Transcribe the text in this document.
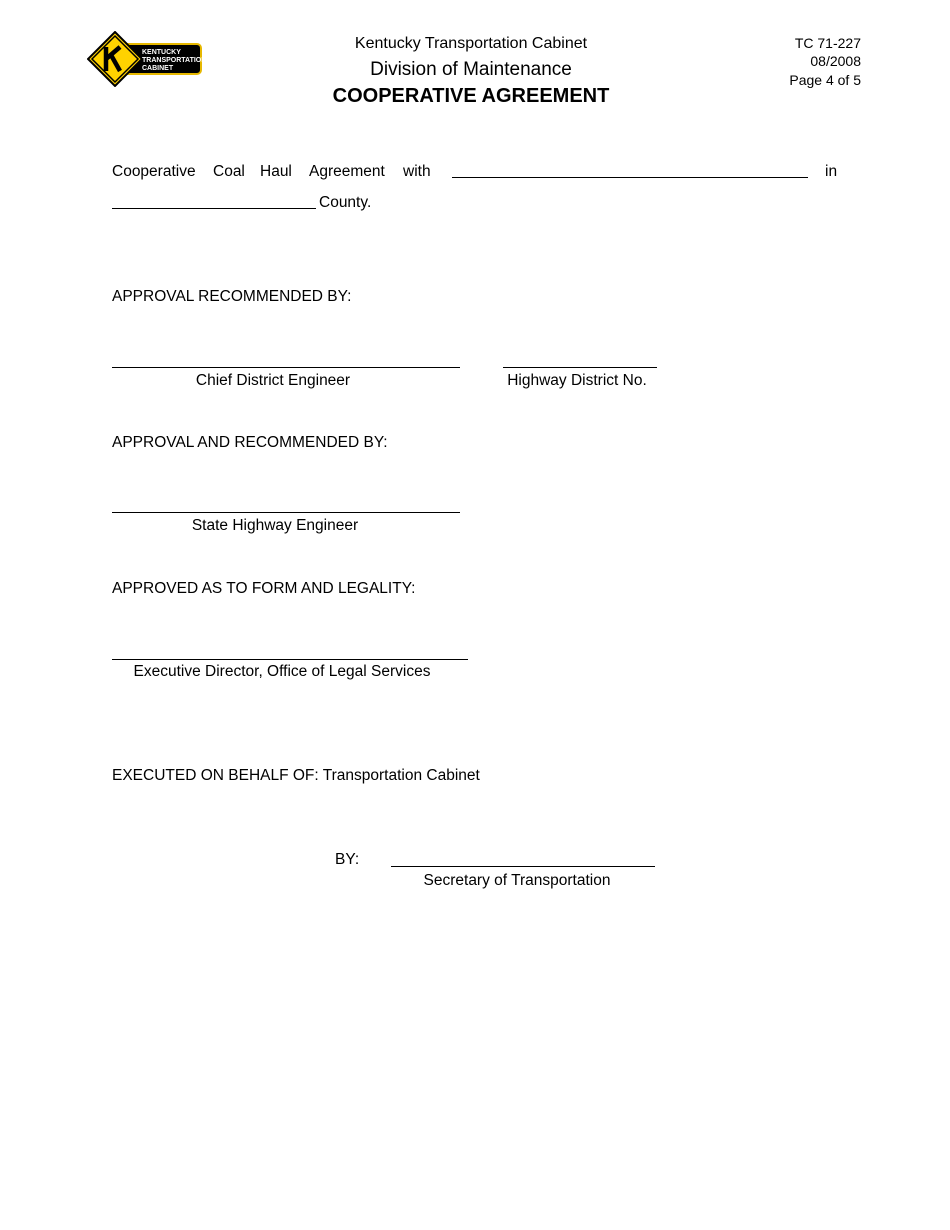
KENTUCKY
TRANSPORTATION
CABINET
Kentucky Transportation Cabinet
Division of Maintenance
COOPERATIVE AGREEMENT
TC 71-227
08/2008
Page 4 of 5
Cooperative Coal Haul Agreement with	in
County.
APPROVAL RECOMMENDED BY:
Chief District Engineer	Highway District No.
APPROVAL AND RECOMMENDED BY:
State Highway Engineer
APPROVED AS TO FORM AND LEGALITY:
Executive Director, Office of Legal Services
EXECUTED ON BEHALF OF: Transportation Cabinet
BY:
Secretary of Transportation
